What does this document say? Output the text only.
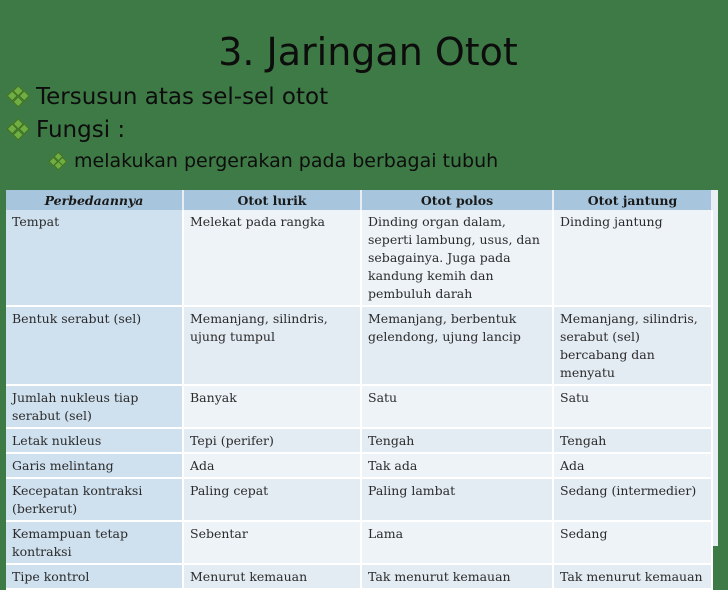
3. Jaringan Otot
Tersusun atas sel-sel otot
Fungsi :
melakukan pergerakan pada berbagai tubuh
Perbedaannya	Otot lurik	Otot polos	Otot jantung
Tempat	Melekat pada rangka	Dinding organ dalam, seperti lambung, usus, dan sebagainya. Juga pada kandung kemih dan pembuluh darah	Dinding jantung
Bentuk serabut (sel)	Memanjang, silindris, ujung tumpul	Memanjang, berbentuk gelendong, ujung lancip	Memanjang, silindris, serabut (sel) bercabang dan menyatu
Jumlah nukleus tiap serabut (sel)	Banyak	Satu	Satu
Letak nukleus	Tepi (perifer)	Tengah	Tengah
Garis melintang	Ada	Tak ada	Ada
Kecepatan kontraksi (berkerut)	Paling cepat	Paling lambat	Sedang (intermedier)
Kemampuan tetap kontraksi	Sebentar	Lama	Sedang
Tipe kontrol	Menurut kemauan	Tak menurut kemauan	Tak menurut kemauan
